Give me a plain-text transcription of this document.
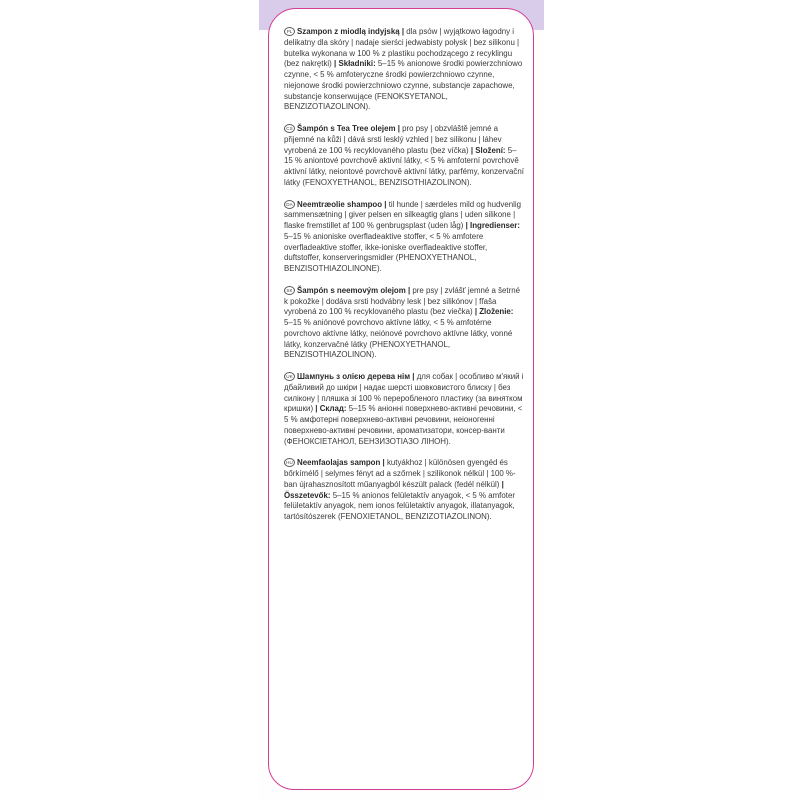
PL Szampon z miodlą indyjską | dla psów | wyjątkowo łagodny i delikatny dla skóry | nadaje sierści jedwabisty połysk | bez silikonu | butelka wykonana w 100 % z plastiku pochodzącego z recyklingu (bez nakrętki) | Składniki: 5–15 % anionowe środki powierzchniowo czynne, < 5 % amfoteryczne środki powierzchniowo czynne, niejonowe środki powierzchniowo czynne, substancje zapachowe, substancje konserwujące (FENOKSYETANOL, BENZIZOTIAZOLINON).

CS Šampón s Tea Tree olejem | pro psy | obzvláště jemné a přijemné na kůži | dává srsti lesklý vzhled | bez silikonu | láhev vyrobená ze 100 % recyklovaného plastu (bez víčka) | Složení: 5–15 % aniontové povrchově aktivní látky, < 5 % amfoterní povrchově aktivní látky, neiontové povrchově aktivní látky, parfémy, konzervační látky (FENOXYETHANOL, BENZISOTHIAZOLINON).

DA Neemtræolie shampoo | til hunde | særdeles mild og hudvenlig sammensætning | giver pelsen en silkeagtig glans | uden silikone | flaske fremstillet af 100 % genbrugsplast (uden låg) | Ingredienser: 5–15 % anioniske overfladeaktive stoffer, < 5 % amfotere overfladeaktive stoffer, ikke-ioniske overfladeaktive stoffer, duftstoffer, konserveringsmidler (PHENOXYETHANOL, BENZISOTHIAZOLINONE).

SK Šampón s neemovým olejom | pre psy | zvlášť jemné a šetrné k pokožke | dodáva srsti hodvábny lesk | bez silikónov | fľaša vyrobená zo 100 % recyklovaného plastu (bez viečka) | Zloženie: 5–15 % aniónové povrchovo aktívne látky, < 5 % amfotérne povrchovo aktívne látky, neiónové povrchovo aktívne látky, vonné látky, konzervačné látky (PHENOXYETHANOL, BENZISOTHIAZOLINON).

UK Шампунь з олією дерева нім | для собак | особливо м'який і дбайливий до шкіри | надає шерсті шовковистого блиску | без силікону | пляшка зі 100 % переробленого пластику (за винятком кришки) | Склад: 5–15 % аніонні поверхнево-активні речовини, < 5 % амфотерні поверхнево-активні речовини, неіоногенні поверхнево-активні речовини, ароматизатори, консер-ванти (ФЕНОКСІЕТАНОЛ, БЕНЗИЗОТІАЗО ЛІНОН).

HU Neemfaolajas sampon | kutyákhoz | különösen gyengéd és bőrkímélő | selymes fényt ad a szőrnek | szilikonok nélkül | 100 %-ban újrahasznosított műanyagból készült palack (fedél nélkül) | Összetevők: 5–15 % anionos felületaktív anyagok, < 5 % amfoter felületaktív anyagok, nem ionos felületaktív anyagok, illatanyagok, tartósítószerek (FENOXIETANOL, BENZIZOTIAZOLINON).
